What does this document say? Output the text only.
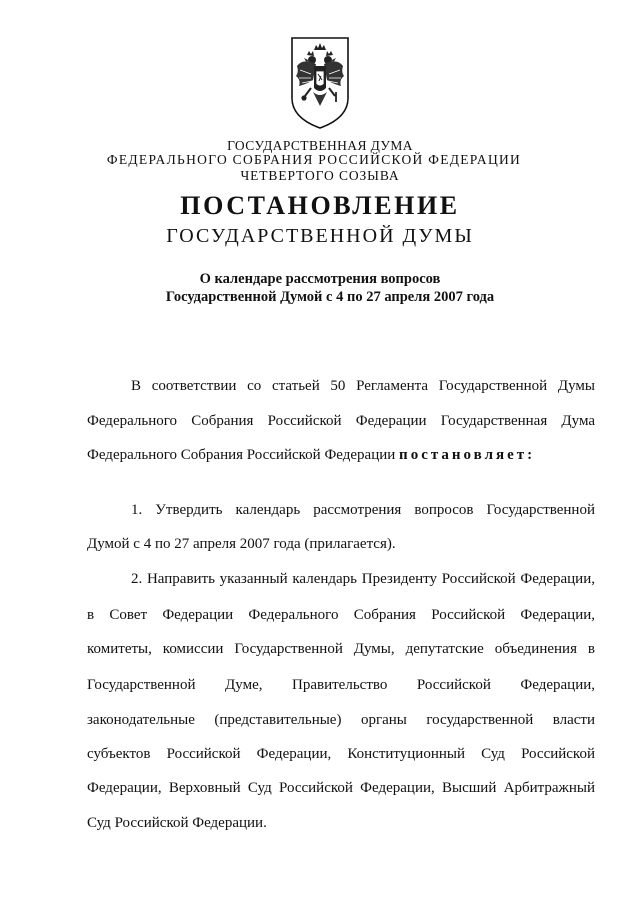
ГОСУДАРСТВЕННАЯ ДУМА
ФЕДЕРАЛЬНОГО СОБРАНИЯ РОССИЙСКОЙ ФЕДЕРАЦИИ
ЧЕТВЕРТОГО СОЗЫВА
ПОСТАНОВЛЕНИЕ
ГОСУДАРСТВЕННОЙ ДУМЫ
О календаре рассмотрения вопросов
Государственной Думой с 4 по 27 апреля 2007 года
В соответствии со статьей 50 Регламента Государственной Думы
Федерального Собрания Российской Федерации Государственная Дума
Федерального Собрания Российской Федерации постановляет:
1. Утвердить календарь рассмотрения вопросов Государственной
Думой с 4 по 27 апреля 2007 года (прилагается).
2. Направить указанный календарь Президенту Российской Федерации,
в Совет Федерации Федерального Собрания Российской Федерации,
комитеты, комиссии Государственной Думы, депутатские объединения в
Государственной Думе, Правительство Российской Федерации,
законодательные (представительные) органы государственной власти
субъектов Российской Федерации, Конституционный Суд Российской
Федерации, Верховный Суд Российской Федерации, Высший Арбитражный
Суд Российской Федерации.
